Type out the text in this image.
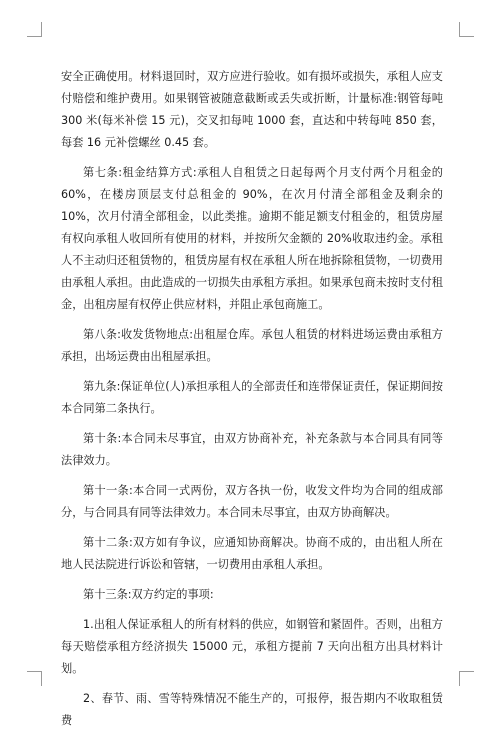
安全正确使用。材料退回时，双方应进行验收。如有损坏或损失，承租人应支付赔偿和维护费用。如果钢管被随意截断或丢失或折断，计量标准:钢管每吨 300 米(每米补偿 15 元)，交叉扣每吨 1000 套，直达和中转每吨 850 套，每套 16 元补偿螺丝 0.45 套。

第七条:租金结算方式:承租人自租赁之日起每两个月支付两个月租金的 60%，在楼房顶层支付总租金的 90%，在次月付清全部租金及剩余的 10%，次月付清全部租金，以此类推。逾期不能足额支付租金的，租赁房屋有权向承租人收回所有使用的材料，并按所欠金额的 20%收取违约金。承租人不主动归还租赁物的，租赁房屋有权在承租人所在地拆除租赁物，一切费用由承租人承担。由此造成的一切损失由承租方承担。如果承包商未按时支付租金，出租房屋有权停止供应材料，并阻止承包商施工。

第八条:收发货物地点:出租屋仓库。承包人租赁的材料进场运费由承租方承担，出场运费由出租屋承担。

第九条:保证单位(人)承担承租人的全部责任和连带保证责任，保证期间按本合同第二条执行。

第十条:本合同未尽事宜，由双方协商补充，补充条款与本合同具有同等法律效力。

第十一条:本合同一式两份，双方各执一份，收发文件均为合同的组成部分，与合同具有同等法律效力。本合同未尽事宜，由双方协商解决。

第十二条:双方如有争议，应通知协商解决。协商不成的，由出租人所在地人民法院进行诉讼和管辖，一切费用由承租人承担。

第十三条:双方约定的事项:

1.出租人保证承租人的所有材料的供应，如钢管和紧固件。否则，出租方每天赔偿承租方经济损失 15000 元，承租方提前 7 天向出租方出具材料计划。

2、春节、雨、雪等特殊情况不能生产的，可报停，报告期内不收取租赁费
